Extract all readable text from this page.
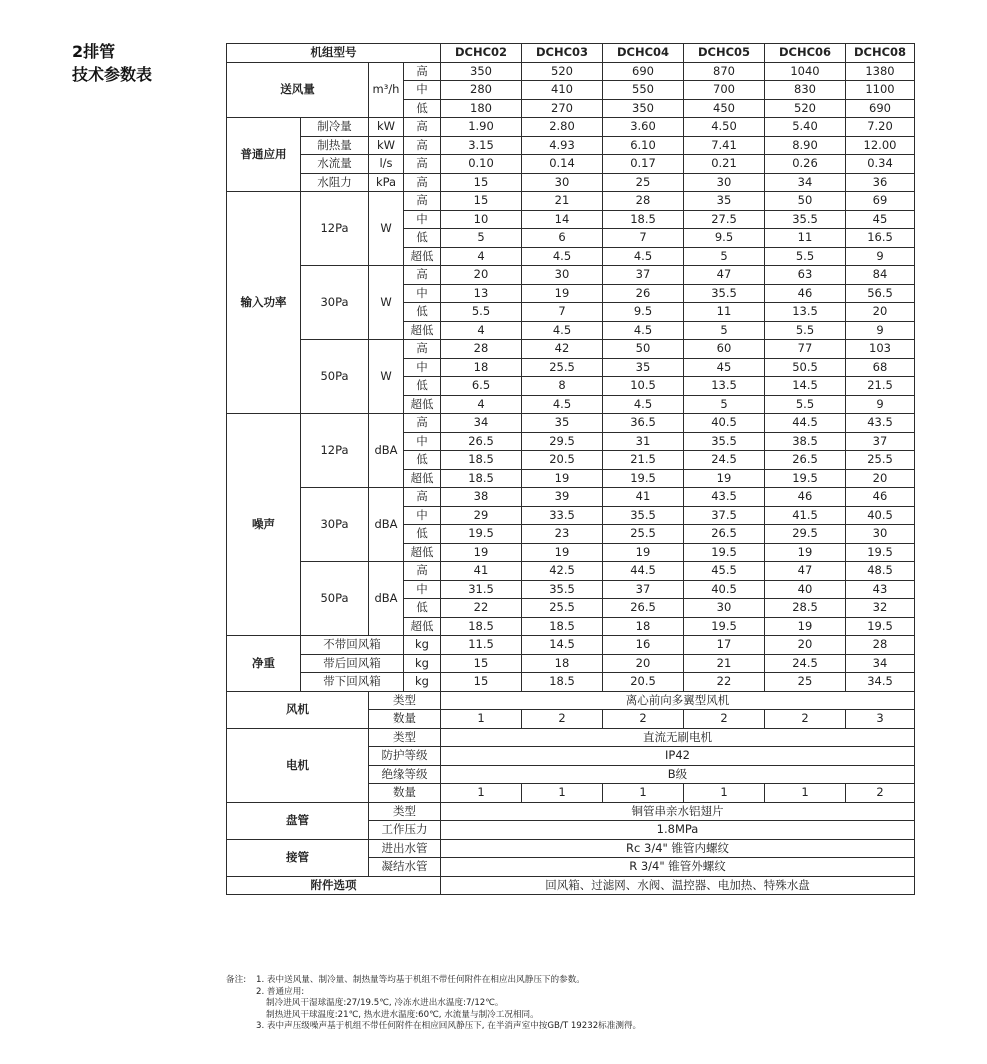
2排管
技术参数表
机组型号				DCHC02	DCHC03	DCHC04	DCHC05	DCHC06	DCHC08
送风量		m³/h	高	350	520	690	870	1040	1380
			中	280	410	550	700	830	1100
			低	180	270	350	450	520	690
普通应用	制冷量	kW	高	1.90	2.80	3.60	4.50	5.40	7.20
	制热量	kW	高	3.15	4.93	6.10	7.41	8.90	12.00
	水流量	l/s	高	0.10	0.14	0.17	0.21	0.26	0.34
	水阻力	kPa	高	15	30	25	30	34	36
输入功率	12Pa	W	高	15	21	28	35	50	69
			中	10	14	18.5	27.5	35.5	45
			低	5	6	7	9.5	11	16.5
			超低	4	4.5	4.5	5	5.5	9
	30Pa	W	高	20	30	37	47	63	84
			中	13	19	26	35.5	46	56.5
			低	5.5	7	9.5	11	13.5	20
			超低	4	4.5	4.5	5	5.5	9
	50Pa	W	高	28	42	50	60	77	103
			中	18	25.5	35	45	50.5	68
			低	6.5	8	10.5	13.5	14.5	21.5
			超低	4	4.5	4.5	5	5.5	9
噪声	12Pa	dBA	高	34	35	36.5	40.5	44.5	43.5
			中	26.5	29.5	31	35.5	38.5	37
			低	18.5	20.5	21.5	24.5	26.5	25.5
			超低	18.5	19	19.5	19	19.5	20
	30Pa	dBA	高	38	39	41	43.5	46	46
			中	29	33.5	35.5	37.5	41.5	40.5
			低	19.5	23	25.5	26.5	29.5	30
			超低	19	19	19	19.5	19	19.5
	50Pa	dBA	高	41	42.5	44.5	45.5	47	48.5
			中	31.5	35.5	37	40.5	40	43
			低	22	25.5	26.5	30	28.5	32
			超低	18.5	18.5	18	19.5	19	19.5
净重	不带回风箱		kg	11.5	14.5	16	17	20	28
	带后回风箱		kg	15	18	20	21	24.5	34
	带下回风箱		kg	15	18.5	20.5	22	25	34.5
风机		类型		离心前向多翼型风机					
		数量		1	2	2	2	2	3
电机		类型		直流无刷电机					
		防护等级		IP42					
		绝缘等级		B级					
		数量		1	1	1	1	1	2
盘管		类型		铜管串亲水铝翅片					
		工作压力		1.8MPa					
接管		进出水管		Rc 3/4" 锥管内螺纹					
		凝结水管		R 3/4" 锥管外螺纹					
附件选项				回风箱、过滤网、水阀、温控器、电加热、特殊水盘					
备注: 1. 表中送风量、制冷量、制热量等均基于机组不带任何附件在相应出风静压下的参数。
2. 普通应用:
制冷进风干湿球温度:27/19.5℃, 冷冻水进出水温度:7/12℃。
制热进风干球温度:21℃, 热水进水温度:60℃, 水流量与制冷工况相同。
3. 表中声压级噪声基于机组不带任何附件在相应回风静压下, 在半消声室中按GB/T 19232标准测得。
